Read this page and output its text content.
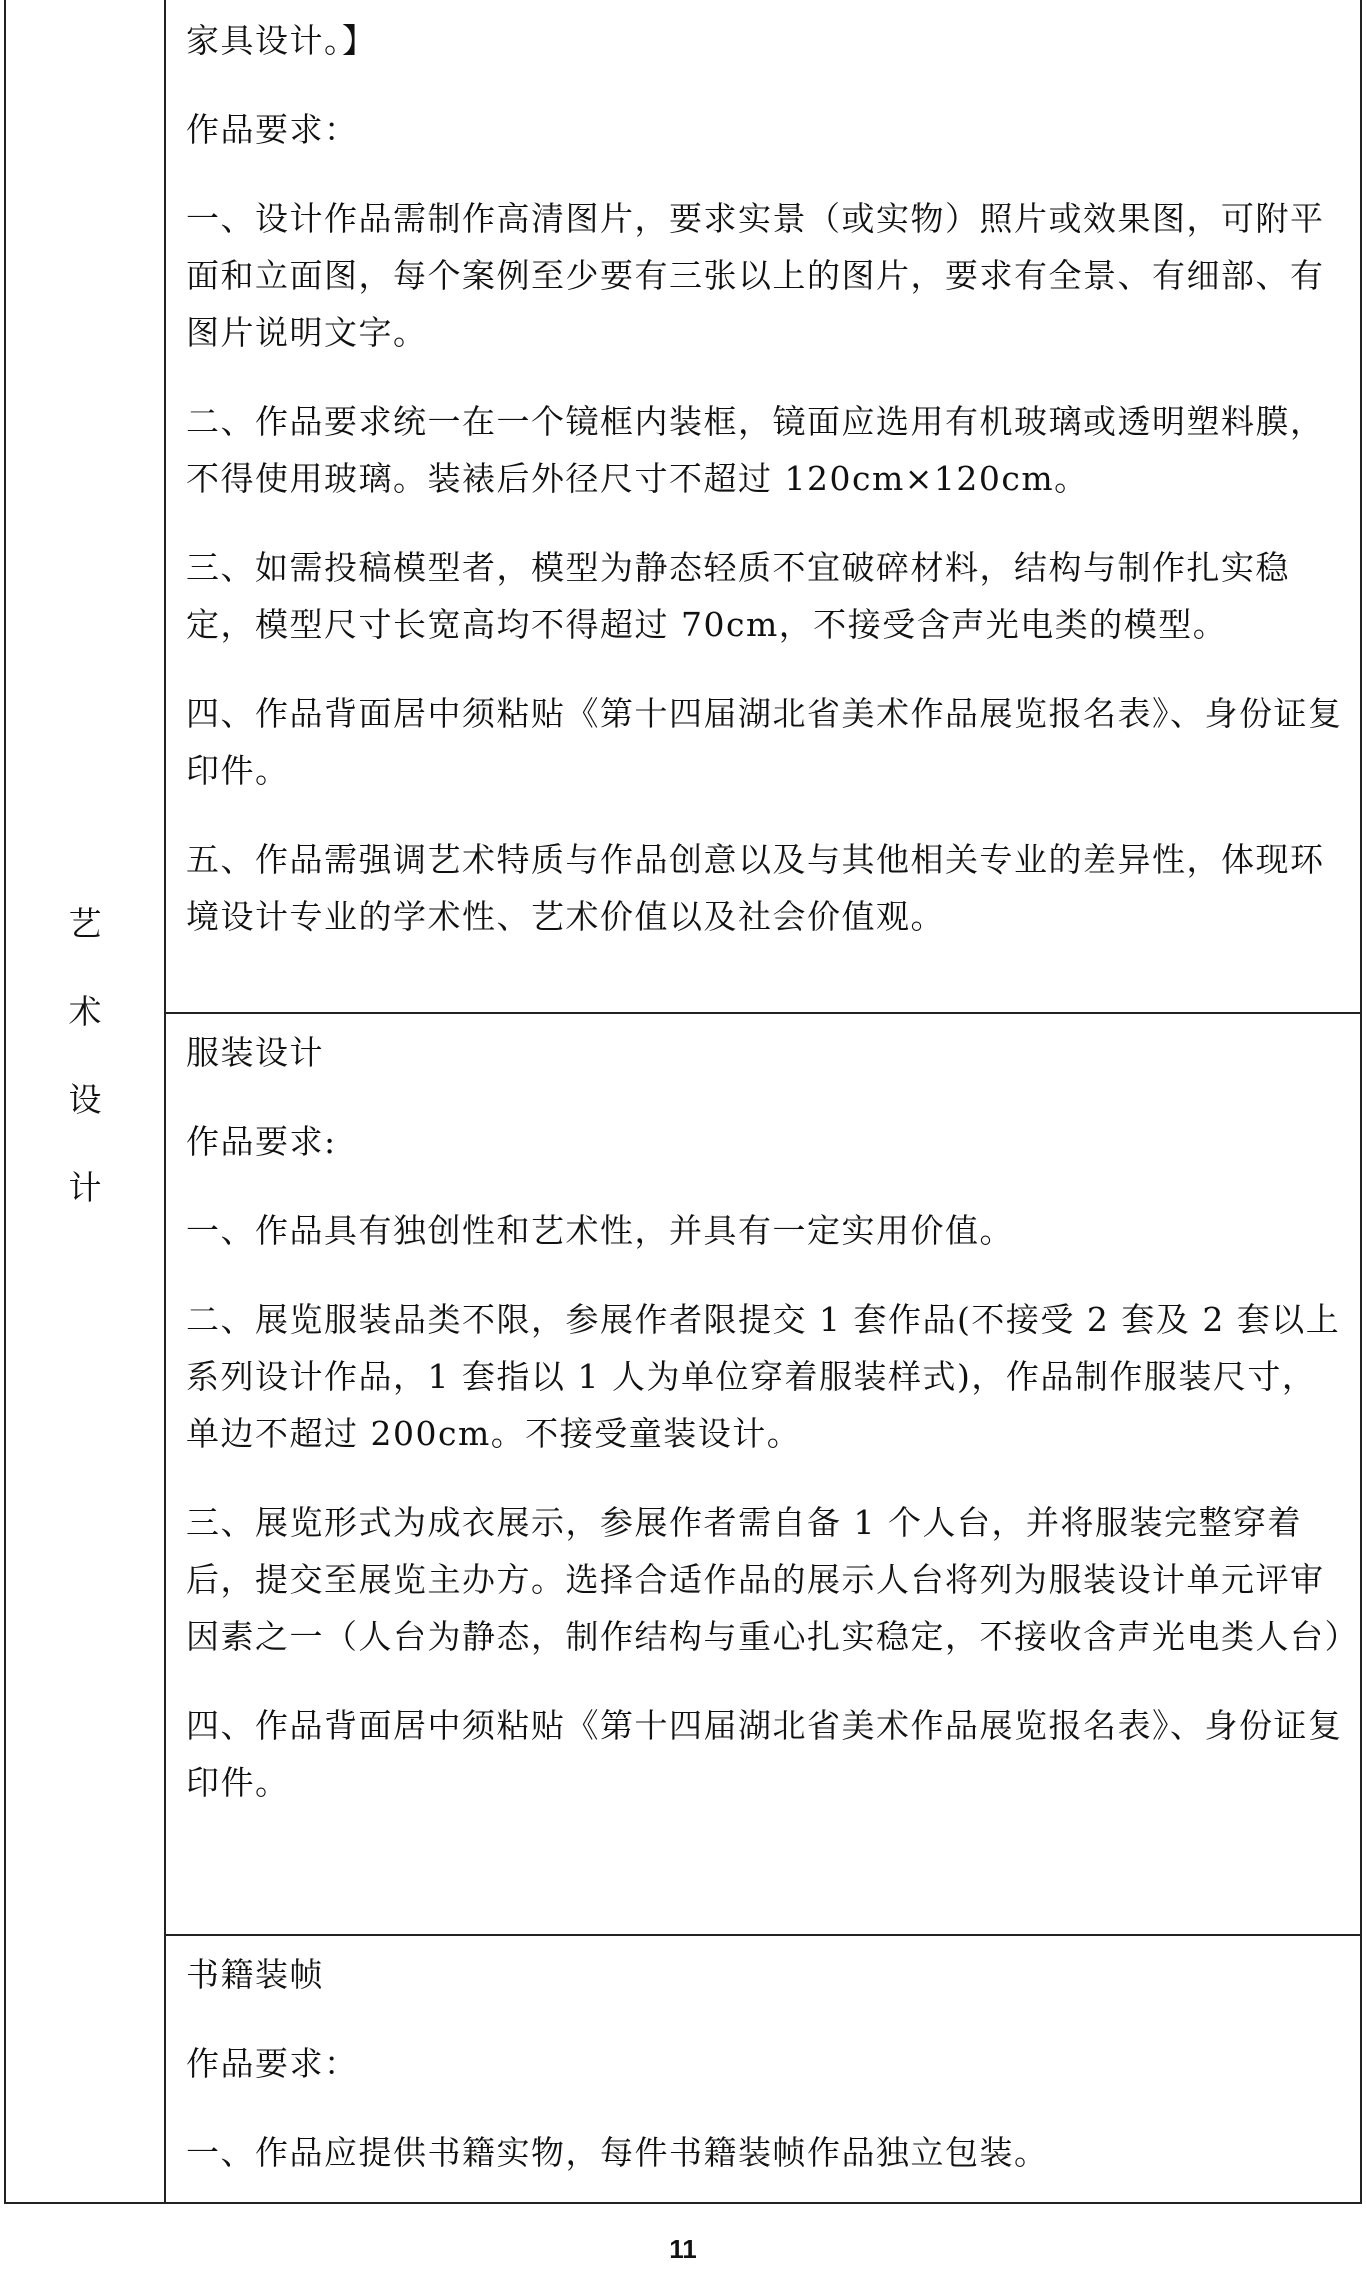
艺 术
设 计

家具设计。】

作品要求：

一、设计作品需制作高清图片，要求实景（或实物）照片或效果图，可附平面和立面图，每个案例至少要有三张以上的图片，要求有全景、有细部、有图片说明文字。

二、作品要求统一在一个镜框内装框，镜面应选用有机玻璃或透明塑料膜，不得使用玻璃。装裱后外径尺寸不超过 120cm×120cm。

三、如需投稿模型者，模型为静态轻质不宜破碎材料，结构与制作扎实稳定，模型尺寸长宽高均不得超过 70cm，不接受含声光电类的模型。

四、作品背面居中须粘贴《第十四届湖北省美术作品展览报名表》、身份证复印件。

五、作品需强调艺术特质与作品创意以及与其他相关专业的差异性，体现环境设计专业的学术性、艺术价值以及社会价值观。

服装设计

作品要求:

一、作品具有独创性和艺术性，并具有一定实用价值。

二、展览服装品类不限，参展作者限提交 1 套作品(不接受 2 套及 2 套以上系列设计作品，1 套指以 1 人为单位穿着服装样式)，作品制作服装尺寸，单边不超过 200cm。不接受童装设计。

三、展览形式为成衣展示，参展作者需自备 1 个人台，并将服装完整穿着后，提交至展览主办方。选择合适作品的展示人台将列为服装设计单元评审因素之一（人台为静态，制作结构与重心扎实稳定，不接收含声光电类人台）

四、作品背面居中须粘贴《第十四届湖北省美术作品展览报名表》、身份证复印件。

书籍装帧

作品要求：

一、作品应提供书籍实物，每件书籍装帧作品独立包装。

11
